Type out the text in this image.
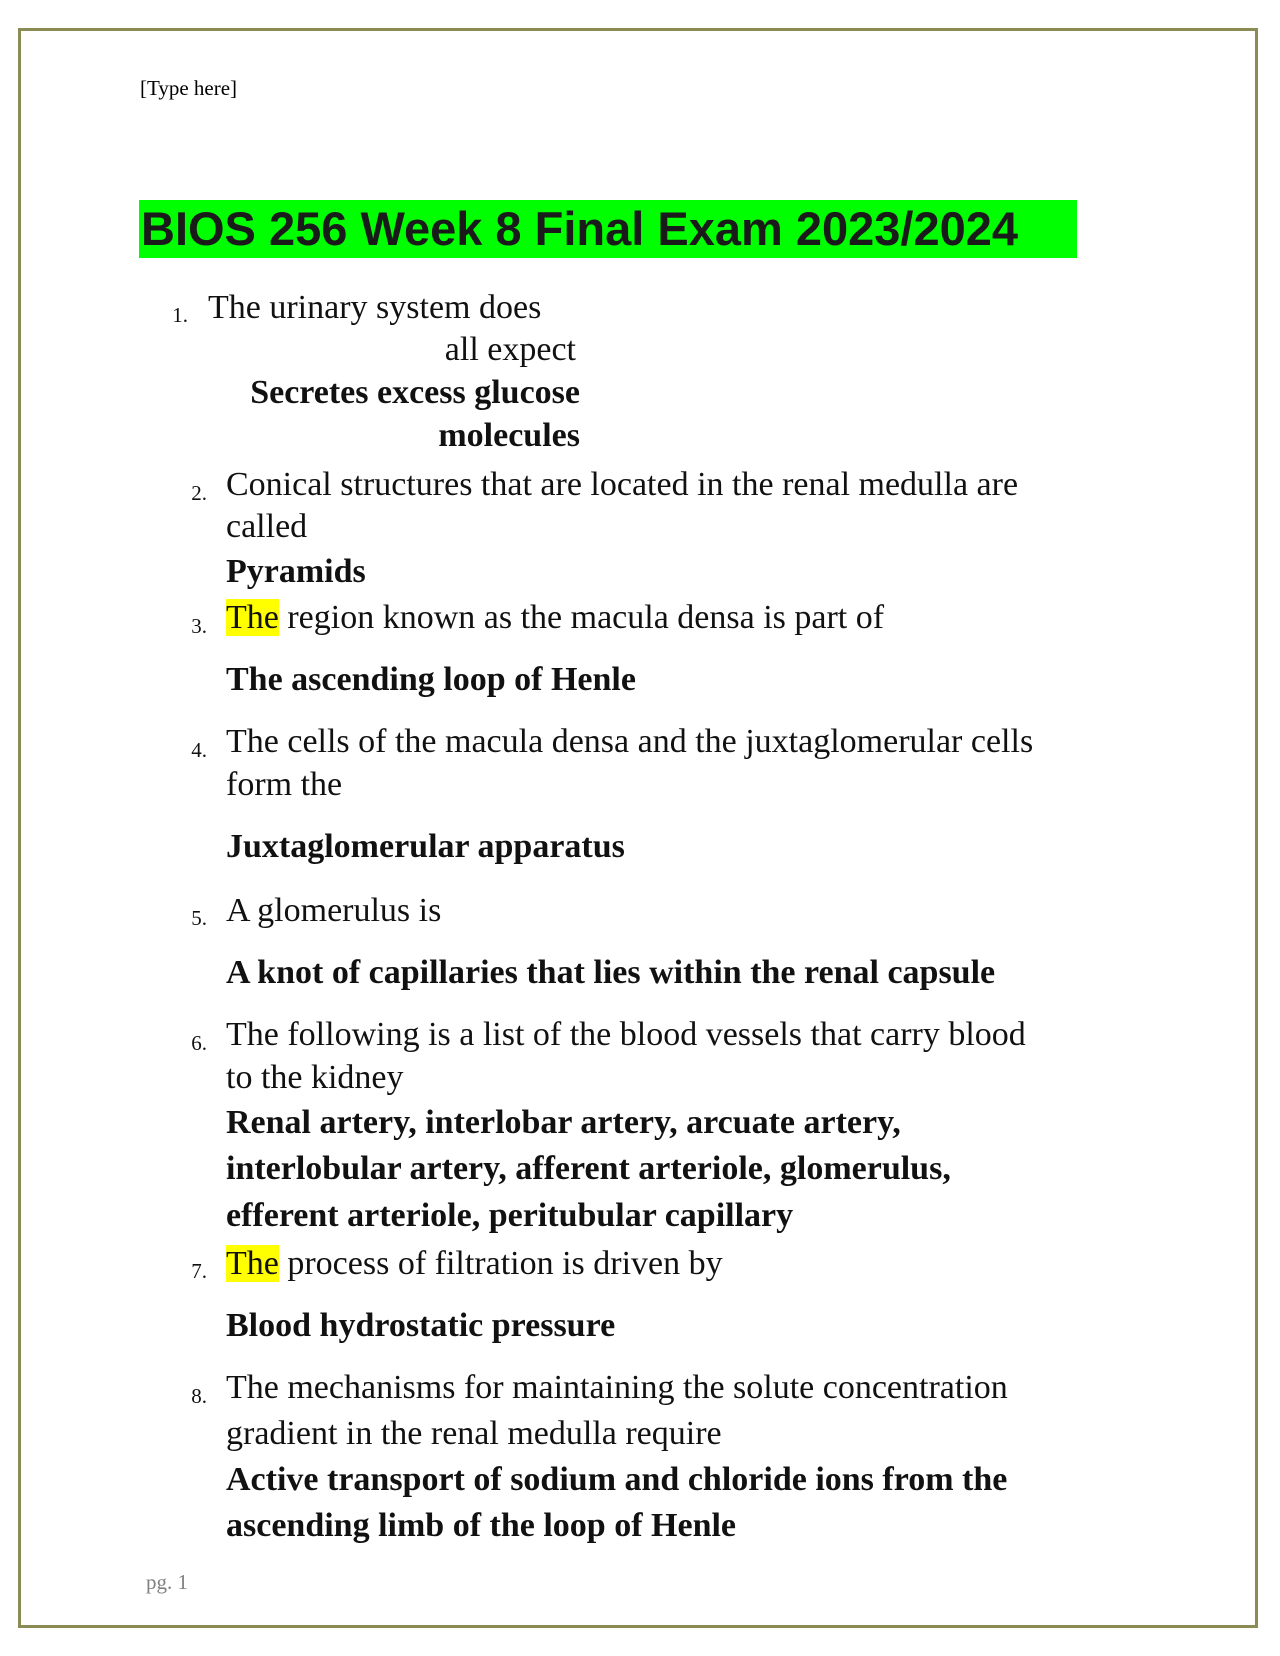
[Type here]
BIOS 256 Week 8 Final Exam 2023/2024
1. The urinary system does
all expect
Secretes excess glucose
molecules
2. Conical structures that are located in the renal medulla are
called
Pyramids
3. The region known as the macula densa is part of
The ascending loop of Henle
4. The cells of the macula densa and the juxtaglomerular cells
form the
Juxtaglomerular apparatus
5. A glomerulus is
A knot of capillaries that lies within the renal capsule
6. The following is a list of the blood vessels that carry blood
to the kidney
Renal artery, interlobar artery, arcuate artery,
interlobular artery, afferent arteriole, glomerulus,
efferent arteriole, peritubular capillary
7. The process of filtration is driven by
Blood hydrostatic pressure
8. The mechanisms for maintaining the solute concentration
gradient in the renal medulla require
Active transport of sodium and chloride ions from the
ascending limb of the loop of Henle
pg. 1
